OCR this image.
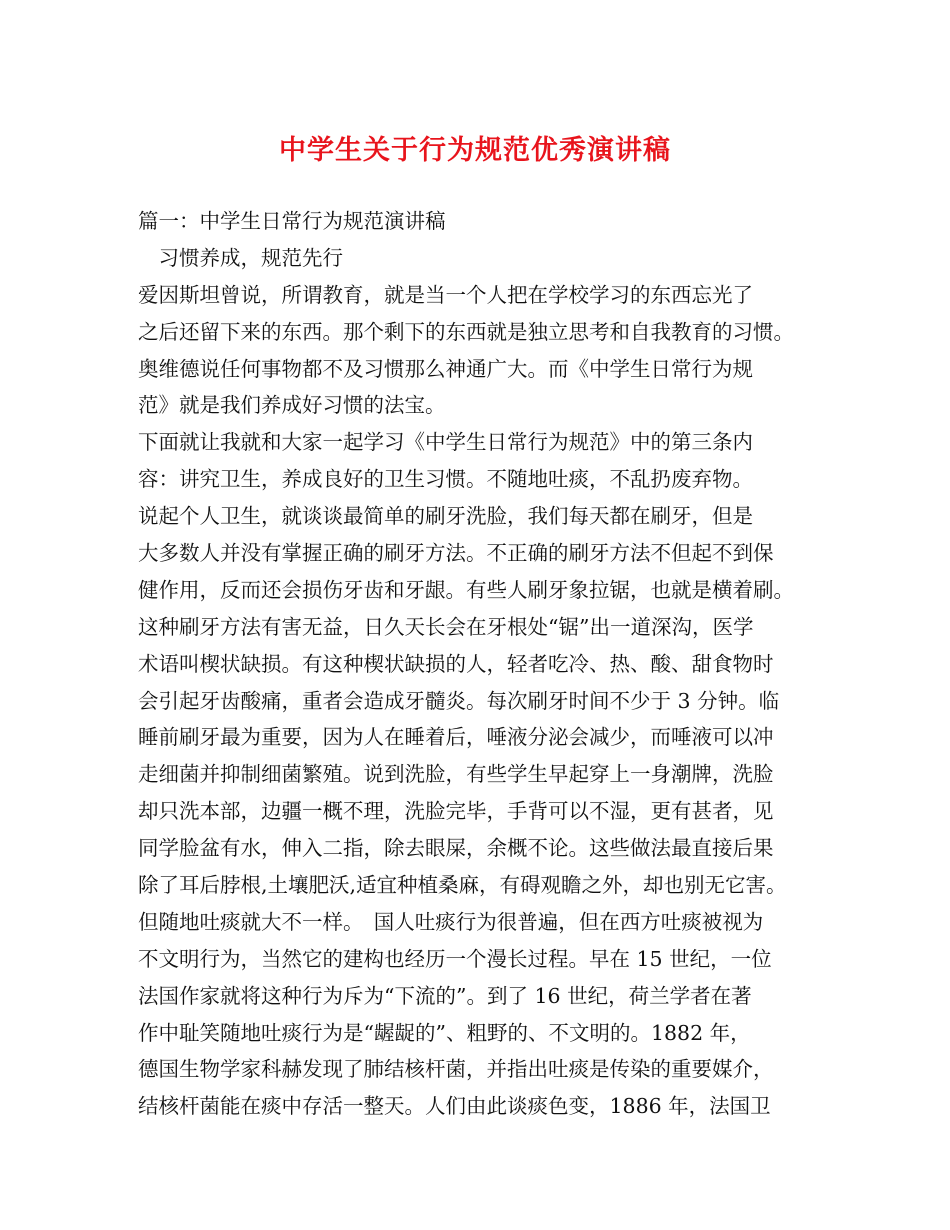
中学生关于行为规范优秀演讲稿
篇一：中学生日常行为规范演讲稿
　习惯养成，规范先行
爱因斯坦曾说，所谓教育，就是当一个人把在学校学习的东西忘光了
之后还留下来的东西。那个剩下的东西就是独立思考和自我教育的习惯。
奥维德说任何事物都不及习惯那么神通广大。而《中学生日常行为规
范》就是我们养成好习惯的法宝。
下面就让我就和大家一起学习《中学生日常行为规范》中的第三条内
容：讲究卫生，养成良好的卫生习惯。不随地吐痰，不乱扔废弃物。
说起个人卫生，就谈谈最简单的刷牙洗脸，我们每天都在刷牙，但是
大多数人并没有掌握正确的刷牙方法。不正确的刷牙方法不但起不到保
健作用，反而还会损伤牙齿和牙龈。有些人刷牙象拉锯，也就是横着刷。
这种刷牙方法有害无益，日久天长会在牙根处“锯”出一道深沟，医学
术语叫楔状缺损。有这种楔状缺损的人，轻者吃冷、热、酸、甜食物时
会引起牙齿酸痛，重者会造成牙髓炎。每次刷牙时间不少于 3 分钟。临
睡前刷牙最为重要，因为人在睡着后，唾液分泌会减少，而唾液可以冲
走细菌并抑制细菌繁殖。说到洗脸，有些学生早起穿上一身潮牌，洗脸
却只洗本部，边疆一概不理，洗脸完毕，手背可以不湿，更有甚者，见
同学脸盆有水，伸入二指，除去眼屎，余概不论。这些做法最直接后果
除了耳后脖根,土壤肥沃,适宜种植桑麻，有碍观瞻之外，却也别无它害。
但随地吐痰就大不一样。　国人吐痰行为很普遍，但在西方吐痰被视为
不文明行为，当然它的建构也经历一个漫长过程。早在 15 世纪，一位
法国作家就将这种行为斥为“下流的”。到了 16 世纪，荷兰学者在著
作中耻笑随地吐痰行为是“龌龊的”、粗野的、不文明的。1882 年，
德国生物学家科赫发现了肺结核杆菌，并指出吐痰是传染的重要媒介，
结核杆菌能在痰中存活一整天。人们由此谈痰色变，1886 年，法国卫
